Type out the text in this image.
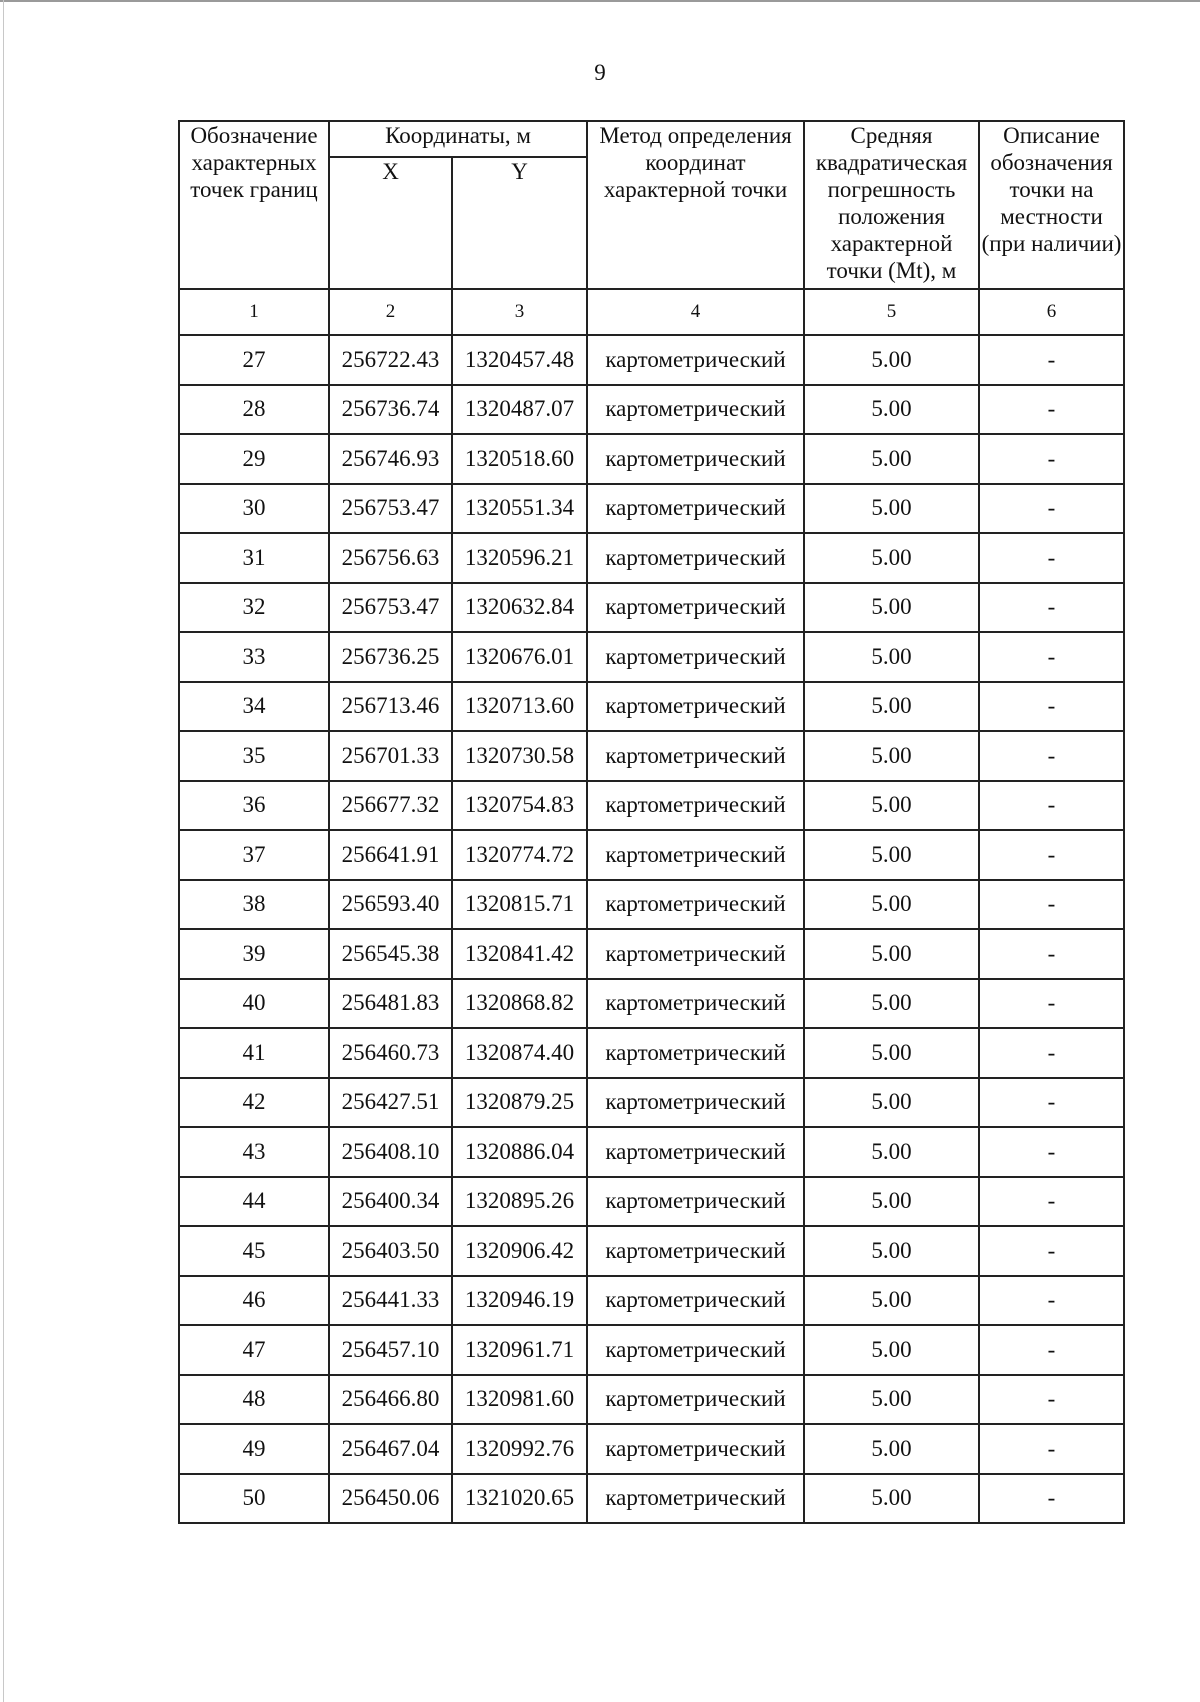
9
Обозначение характерных точек границ	Координаты, м		Метод определения координат характерной точки	Средняя квадратическая погрешность положения характерной точки (Mt), м	Описание обозначения точки на местности (при наличии)
	X	Y			
1	2	3	4	5	6
27	256722.43	1320457.48	картометрический	5.00	-
28	256736.74	1320487.07	картометрический	5.00	-
29	256746.93	1320518.60	картометрический	5.00	-
30	256753.47	1320551.34	картометрический	5.00	-
31	256756.63	1320596.21	картометрический	5.00	-
32	256753.47	1320632.84	картометрический	5.00	-
33	256736.25	1320676.01	картометрический	5.00	-
34	256713.46	1320713.60	картометрический	5.00	-
35	256701.33	1320730.58	картометрический	5.00	-
36	256677.32	1320754.83	картометрический	5.00	-
37	256641.91	1320774.72	картометрический	5.00	-
38	256593.40	1320815.71	картометрический	5.00	-
39	256545.38	1320841.42	картометрический	5.00	-
40	256481.83	1320868.82	картометрический	5.00	-
41	256460.73	1320874.40	картометрический	5.00	-
42	256427.51	1320879.25	картометрический	5.00	-
43	256408.10	1320886.04	картометрический	5.00	-
44	256400.34	1320895.26	картометрический	5.00	-
45	256403.50	1320906.42	картометрический	5.00	-
46	256441.33	1320946.19	картометрический	5.00	-
47	256457.10	1320961.71	картометрический	5.00	-
48	256466.80	1320981.60	картометрический	5.00	-
49	256467.04	1320992.76	картометрический	5.00	-
50	256450.06	1321020.65	картометрический	5.00	-
